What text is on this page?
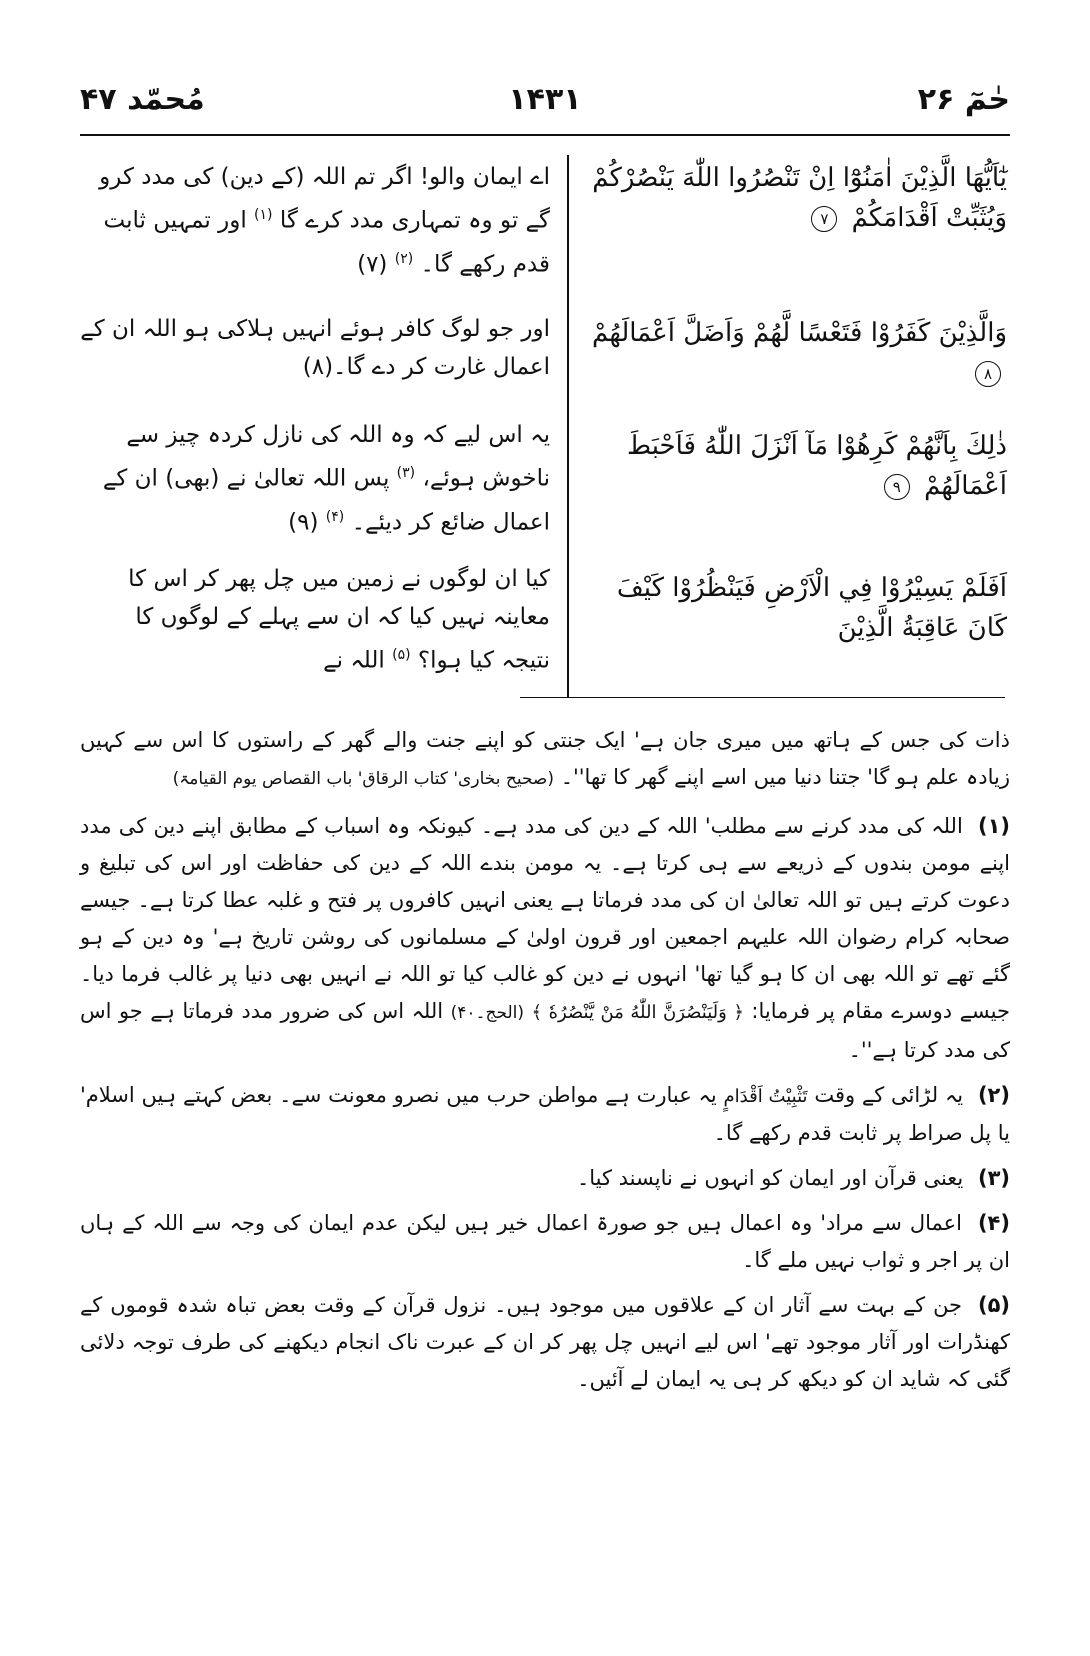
حٰمٓ ۲۶
۱۴۳۱
مُحمّد ۴۷
يٰٓاَيُّهَا الَّذِيْنَ اٰمَنُوْٓا اِنْ تَنْصُرُوا اللّٰهَ يَنْصُرْكُمْ وَيُثَبِّتْ اَقْدَامَكُمْ ۷
وَالَّذِيْنَ كَفَرُوْا فَتَعْسًا لَّهُمْ وَاَضَلَّ اَعْمَالَهُمْ ۸
ذٰلِكَ بِاَنَّهُمْ كَرِهُوْا مَآ اَنْزَلَ اللّٰهُ فَاَحْبَطَ اَعْمَالَهُمْ ۹
اَفَلَمْ يَسِيْرُوْا فِي الْاَرْضِ فَيَنْظُرُوْا كَيْفَ كَانَ عَاقِبَةُ الَّذِيْنَ
اے ایمان والو! اگر تم اللہ (کے دین) کی مدد کرو گے تو وہ تمہاری مدد کرے گا $^{(۱)}$ اور تمہیں ثابت قدم رکھے گا۔ $^{(۲)}$ (۷)
اور جو لوگ کافر ہوئے انہیں ہلاکی ہو اللہ ان کے اعمال غارت کر دے گا۔(۸)
یہ اس لیے کہ وہ اللہ کی نازل کردہ چیز سے ناخوش ہوئے، $^{(۳)}$ پس اللہ تعالیٰ نے (بھی) ان کے اعمال ضائع کر دیئے۔ $^{(۴)}$ (۹)
کیا ان لوگوں نے زمین میں چل پھر کر اس کا معاینہ نہیں کیا کہ ان سے پہلے کے لوگوں کا نتیجہ کیا ہوا؟ $^{(۵)}$ اللہ نے

ذات کی جس کے ہاتھ میں میری جان ہے' ایک جنتی کو اپنے جنت والے گھر کے راستوں کا اس سے کہیں زیادہ علم ہو گا' جتنا دنیا میں اسے اپنے گھر کا تھا''۔ (صحیح بخاری' کتاب الرقاق' باب القصاص یوم القیامۃ)

(۱) اللہ کی مدد کرنے سے مطلب' اللہ کے دین کی مدد ہے۔ کیونکہ وہ اسباب کے مطابق اپنے دین کی مدد اپنے مومن بندوں کے ذریعے سے ہی کرتا ہے۔ یہ مومن بندے اللہ کے دین کی حفاظت اور اس کی تبلیغ و دعوت کرتے ہیں تو اللہ تعالیٰ ان کی مدد فرماتا ہے یعنی انہیں کافروں پر فتح و غلبہ عطا کرتا ہے۔ جیسے صحابہ کرام رضوان اللہ علیہم اجمعین اور قرون اولیٰ کے مسلمانوں کی روشن تاریخ ہے' وہ دین کے ہو گئے تھے تو اللہ بھی ان کا ہو گیا تھا' انہوں نے دین کو غالب کیا تو اللہ نے انہیں بھی دنیا پر غالب فرما دیا۔ جیسے دوسرے مقام پر فرمایا: ﴿ وَلَيَنْصُرَنَّ اللّٰهُ مَنْ يَّنْصُرُهٗ ﴾ (الحج۔۴۰) اللہ اس کی ضرور مدد فرماتا ہے جو اس کی مدد کرتا ہے''۔

(۲) یہ لڑائی کے وقت تَثْبِيْتُ اَقْدَامٍ یہ عبارت ہے مواطن حرب میں نصرو معونت سے۔ بعض کہتے ہیں اسلام' یا پل صراط پر ثابت قدم رکھے گا۔

(۳) یعنی قرآن اور ایمان کو انہوں نے ناپسند کیا۔

(۴) اعمال سے مراد' وہ اعمال ہیں جو صورۃ اعمال خیر ہیں لیکن عدم ایمان کی وجہ سے اللہ کے ہاں ان پر اجر و ثواب نہیں ملے گا۔

(۵) جن کے بہت سے آثار ان کے علاقوں میں موجود ہیں۔ نزول قرآن کے وقت بعض تباہ شدہ قوموں کے کھنڈرات اور آثار موجود تھے' اس لیے انہیں چل پھر کر ان کے عبرت ناک انجام دیکھنے کی طرف توجہ دلائی گئی کہ شاید ان کو دیکھ کر ہی یہ ایمان لے آئیں۔
